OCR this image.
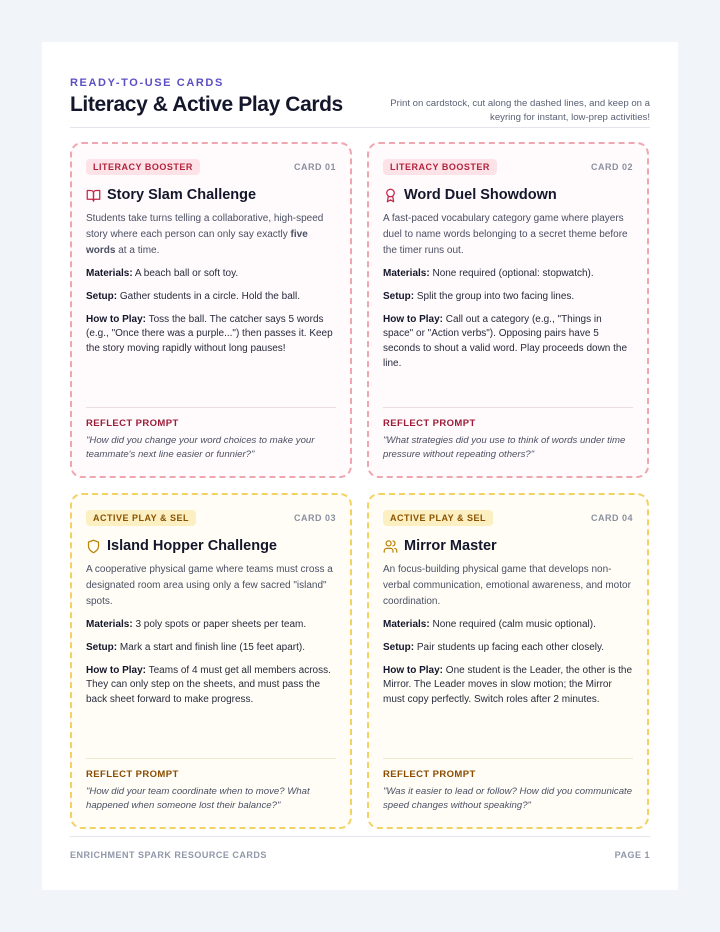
READY-TO-USE CARDS
Literacy & Active Play Cards	Print on cardstock, cut along the dashed lines, and keep on a keyring for instant, low-prep activities!
LITERACY BOOSTER	CARD 01
Story Slam Challenge
Students take turns telling a collaborative, high-speed story where each person can only say exactly five words at a time.
Materials: A beach ball or soft toy.
Setup: Gather students in a circle. Hold the ball.
How to Play: Toss the ball. The catcher says 5 words (e.g., "Once there was a purple...") then passes it. Keep the story moving rapidly without long pauses!
REFLECT PROMPT
"How did you change your word choices to make your teammate's next line easier or funnier?"
LITERACY BOOSTER	CARD 02
Word Duel Showdown
A fast-paced vocabulary category game where players duel to name words belonging to a secret theme before the timer runs out.
Materials: None required (optional: stopwatch).
Setup: Split the group into two facing lines.
How to Play: Call out a category (e.g., "Things in space" or "Action verbs"). Opposing pairs have 5 seconds to shout a valid word. Play proceeds down the line.
REFLECT PROMPT
"What strategies did you use to think of words under time pressure without repeating others?"
ACTIVE PLAY & SEL	CARD 03
Island Hopper Challenge
A cooperative physical game where teams must cross a designated room area using only a few sacred "island" spots.
Materials: 3 poly spots or paper sheets per team.
Setup: Mark a start and finish line (15 feet apart).
How to Play: Teams of 4 must get all members across. They can only step on the sheets, and must pass the back sheet forward to make progress.
REFLECT PROMPT
"How did your team coordinate when to move? What happened when someone lost their balance?"
ACTIVE PLAY & SEL	CARD 04
Mirror Master
An focus-building physical game that develops non-verbal communication, emotional awareness, and motor coordination.
Materials: None required (calm music optional).
Setup: Pair students up facing each other closely.
How to Play: One student is the Leader, the other is the Mirror. The Leader moves in slow motion; the Mirror must copy perfectly. Switch roles after 2 minutes.
REFLECT PROMPT
"Was it easier to lead or follow? How did you communicate speed changes without speaking?"
ENRICHMENT SPARK RESOURCE CARDS	PAGE 1
